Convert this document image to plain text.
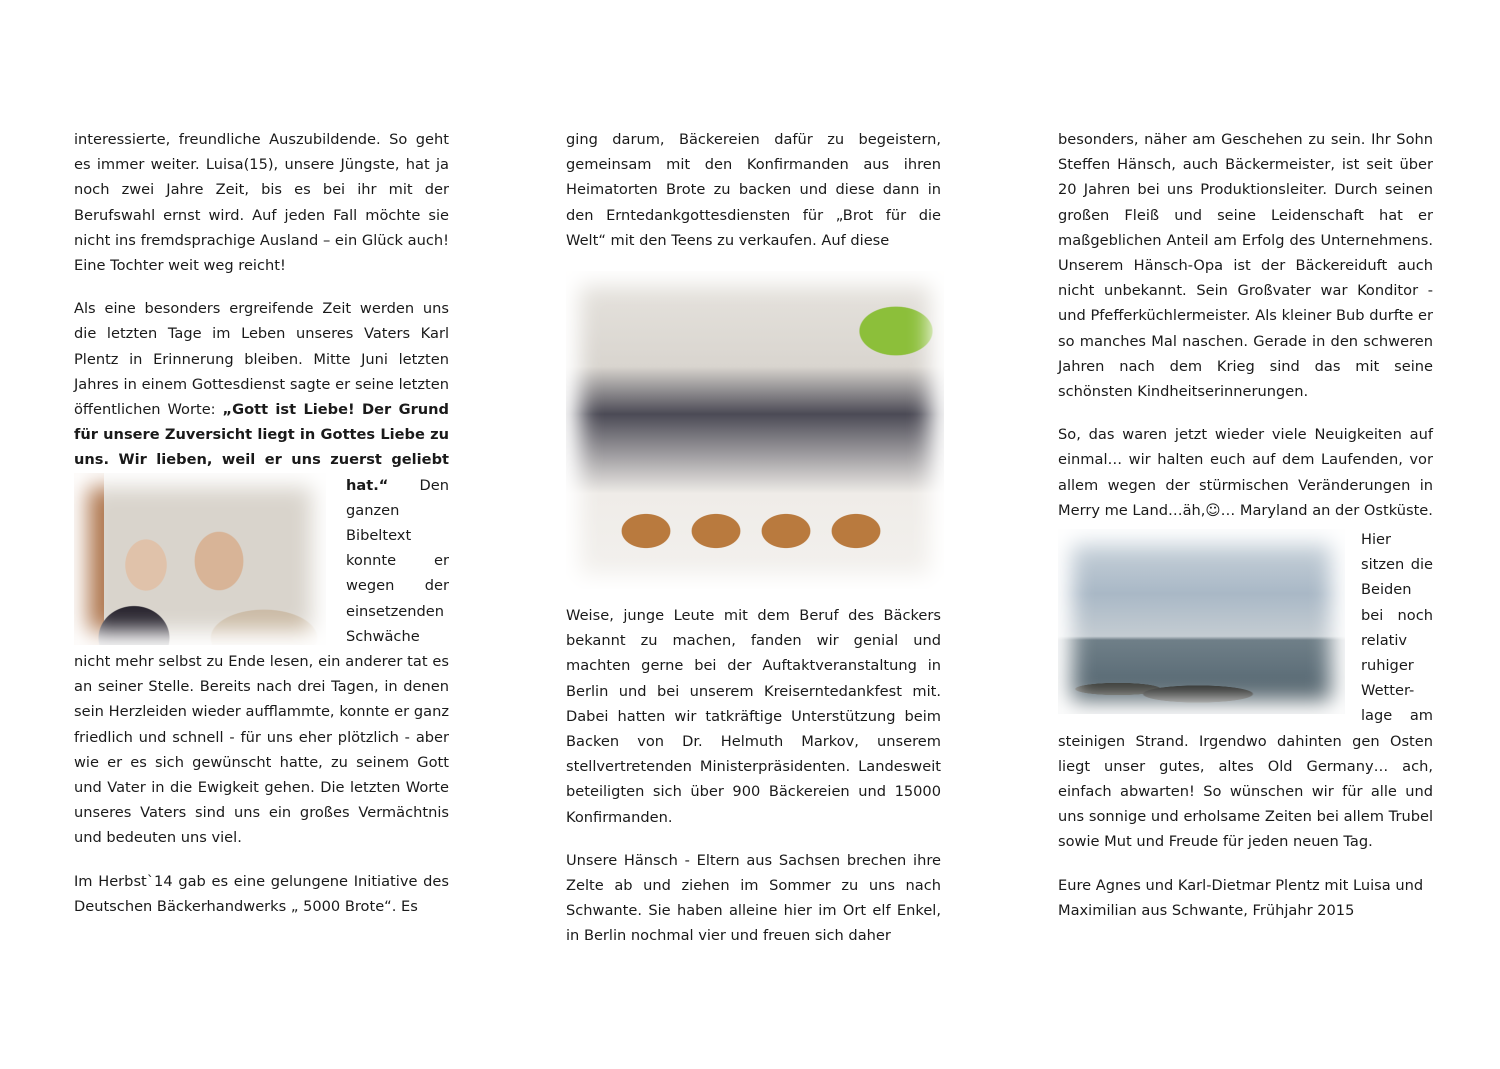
interessierte, freundliche Auszubildende. So geht es immer weiter. Luisa(15), unsere Jüngste, hat ja noch zwei Jahre Zeit, bis es bei ihr mit der Berufswahl ernst wird. Auf jeden Fall möchte sie nicht ins fremdsprachige Ausland – ein Glück auch! Eine Tochter weit weg reicht!

Als eine besonders ergreifende Zeit werden uns die letzten Tage im Leben unseres Vaters Karl Plentz in Erinnerung bleiben. Mitte Juni letzten Jahres in einem Gottesdienst sagte er seine letzten öffentlichen Worte: „Gott ist Liebe! Der Grund für unsere Zuversicht liegt in Gottes Liebe zu uns. Wir lieben, weil er uns zuerst geliebt hat.“
Den ganzen Bibeltext konnte er wegen der einsetzenden Schwäche nicht mehr selbst zu Ende lesen, ein anderer tat es an seiner Stelle. Bereits nach drei Tagen, in denen sein Herzleiden wieder aufflammte, konnte er ganz friedlich und schnell - für uns eher plötzlich - aber wie er es sich gewünscht hatte, zu seinem Gott und Vater in die Ewigkeit gehen. Die letzten Worte unseres Vaters sind uns ein großes Vermächtnis und bedeuten uns viel.

Im Herbst`14 gab es eine gelungene Initiative des Deutschen Bäckerhandwerks „ 5000 Brote“. Es

ging darum, Bäckereien dafür zu begeistern, gemeinsam mit den Konfirmanden aus ihren Heimatorten Brote zu backen und diese dann in den Erntedankgottesdiensten für „Brot für die Welt“ mit den Teens zu verkaufen. Auf diese

Weise, junge Leute mit dem Beruf des Bäckers bekannt zu machen, fanden wir genial und machten gerne bei der Auftaktveranstaltung in Berlin und bei unserem Kreiserntedankfest mit. Dabei hatten wir tatkräftige Unterstützung beim Backen von Dr. Helmuth Markov, unserem stellvertretenden Ministerpräsidenten. Landesweit beteiligten sich über 900 Bäckereien und 15000 Konfirmanden.

Unsere Hänsch - Eltern aus Sachsen brechen ihre Zelte ab und ziehen im Sommer zu uns nach Schwante. Sie haben alleine hier im Ort elf Enkel, in Berlin nochmal vier und freuen sich daher

besonders, näher am Geschehen zu sein. Ihr Sohn Steffen Hänsch, auch Bäckermeister, ist seit über 20 Jahren bei uns Produktionsleiter. Durch seinen großen Fleiß und seine Leidenschaft hat er maßgeblichen Anteil am Erfolg des Unternehmens. Unserem Hänsch-Opa ist der Bäckereiduft auch nicht unbekannt. Sein Großvater war Konditor - und Pfefferküchlermeister. Als kleiner Bub durfte er so manches Mal naschen. Gerade in den schweren Jahren nach dem Krieg sind das mit seine schönsten Kindheitserinnerungen.

So, das waren jetzt wieder viele Neuigkeiten auf einmal… wir halten euch auf dem Laufenden, vor allem wegen der stürmischen Veränderungen in Merry me Land…äh,☺… Maryland an der Ostküste.

Hier sitzen die Beiden bei noch relativ ruhiger Wetter-lage am steinigen Strand. Irgendwo dahinten gen Osten liegt unser gutes, altes Old Germany… ach, einfach abwarten! So wünschen wir für alle und uns sonnige und erholsame Zeiten bei allem Trubel sowie Mut und Freude für jeden neuen Tag.

Eure Agnes und Karl-Dietmar Plentz mit Luisa und Maximilian aus Schwante, Frühjahr 2015
